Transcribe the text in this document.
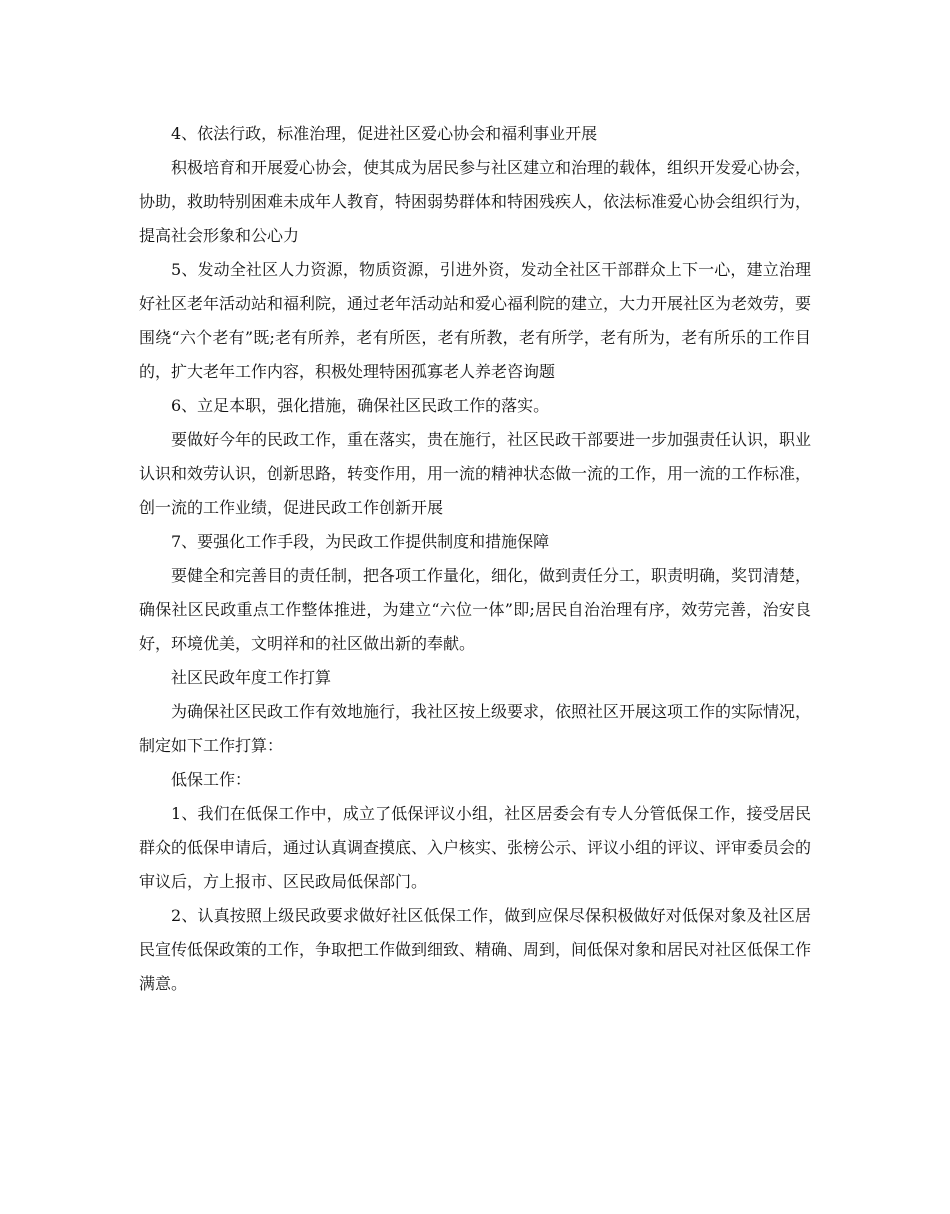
4、依法行政，标准治理，促进社区爱心协会和福利事业开展

积极培育和开展爱心协会，使其成为居民参与社区建立和治理的载体，组织开发爱心协会，协助，救助特别困难未成年人教育，特困弱势群体和特困残疾人，依法标准爱心协会组织行为，提高社会形象和公心力

5、发动全社区人力资源，物质资源，引进外资，发动全社区干部群众上下一心，建立治理好社区老年活动站和福利院，通过老年活动站和爱心福利院的建立，大力开展社区为老效劳，要围绕“六个老有”既;老有所养，老有所医，老有所教，老有所学，老有所为，老有所乐的工作目的，扩大老年工作内容，积极处理特困孤寡老人养老咨询题

6、立足本职，强化措施，确保社区民政工作的落实。

要做好今年的民政工作，重在落实，贵在施行，社区民政干部要进一步加强责任认识，职业认识和效劳认识，创新思路，转变作用，用一流的精神状态做一流的工作，用一流的工作标准，创一流的工作业绩，促进民政工作创新开展

7、要强化工作手段，为民政工作提供制度和措施保障

要健全和完善目的责任制，把各项工作量化，细化，做到责任分工，职责明确，奖罚清楚，确保社区民政重点工作整体推进，为建立“六位一体”即;居民自治治理有序，效劳完善，治安良好，环境优美，文明祥和的社区做出新的奉献。

社区民政年度工作打算

为确保社区民政工作有效地施行，我社区按上级要求，依照社区开展这项工作的实际情况，制定如下工作打算：

低保工作：

1、我们在低保工作中，成立了低保评议小组，社区居委会有专人分管低保工作，接受居民群众的低保申请后，通过认真调查摸底、入户核实、张榜公示、评议小组的评议、评审委员会的审议后，方上报市、区民政局低保部门。

2、认真按照上级民政要求做好社区低保工作，做到应保尽保积极做好对低保对象及社区居民宣传低保政策的工作，争取把工作做到细致、精确、周到，间低保对象和居民对社区低保工作满意。
